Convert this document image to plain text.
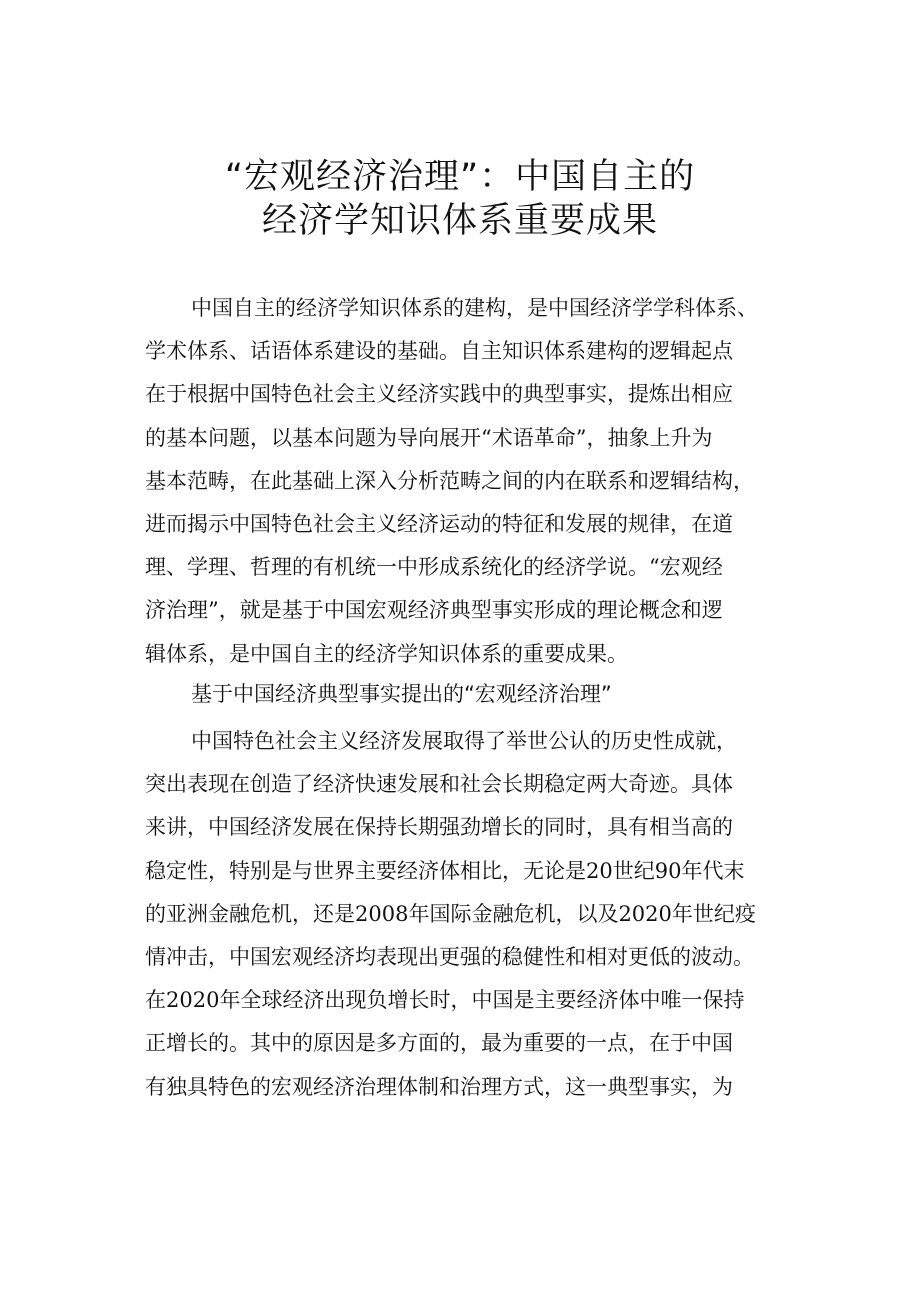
“宏观经济治理”：中国自主的
经济学知识体系重要成果
中国自主的经济学知识体系的建构，是中国经济学学科体系、
学术体系、话语体系建设的基础。自主知识体系建构的逻辑起点
在于根据中国特色社会主义经济实践中的典型事实，提炼出相应
的基本问题，以基本问题为导向展开“术语革命”，抽象上升为
基本范畴，在此基础上深入分析范畴之间的内在联系和逻辑结构，
进而揭示中国特色社会主义经济运动的特征和发展的规律，在道
理、学理、哲理的有机统一中形成系统化的经济学说。“宏观经
济治理”，就是基于中国宏观经济典型事实形成的理论概念和逻
辑体系，是中国自主的经济学知识体系的重要成果。
基于中国经济典型事实提出的“宏观经济治理”
中国特色社会主义经济发展取得了举世公认的历史性成就，
突出表现在创造了经济快速发展和社会长期稳定两大奇迹。具体
来讲，中国经济发展在保持长期强劲增长的同时，具有相当高的
稳定性，特别是与世界主要经济体相比，无论是20世纪90年代末
的亚洲金融危机，还是2008年国际金融危机，以及2020年世纪疫
情冲击，中国宏观经济均表现出更强的稳健性和相对更低的波动。
在2020年全球经济出现负增长时，中国是主要经济体中唯一保持
正增长的。其中的原因是多方面的，最为重要的一点，在于中国
有独具特色的宏观经济治理体制和治理方式，这一典型事实，为
